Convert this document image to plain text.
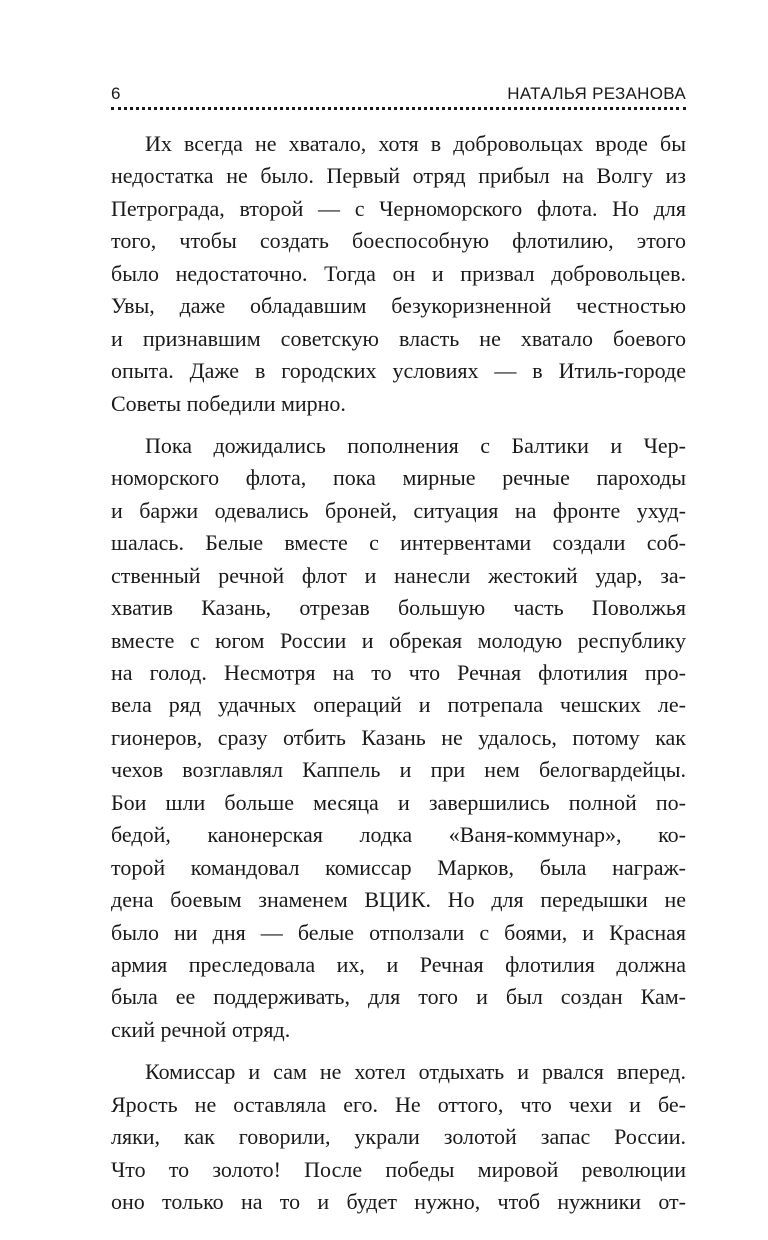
6	НАТАЛЬЯ РЕЗАНОВА
Их всегда не хватало, хотя в добровольцах вроде бы
недостатка не было. Первый отряд прибыл на Волгу из
Петрограда, второй — с Черноморского флота. Но для
того, чтобы создать боеспособную флотилию, этого
было недостаточно. Тогда он и призвал добровольцев.
Увы, даже обладавшим безукоризненной честностью
и признавшим советскую власть не хватало боевого
опыта. Даже в городских условиях — в Итиль-городе
Советы победили мирно.
Пока дожидались пополнения с Балтики и Чер-
номорского флота, пока мирные речные пароходы
и баржи одевались броней, ситуация на фронте ухуд-
шалась. Белые вместе с интервентами создали соб-
ственный речной флот и нанесли жестокий удар, за-
хватив Казань, отрезав большую часть Поволжья
вместе с югом России и обрекая молодую республику
на голод. Несмотря на то что Речная флотилия про-
вела ряд удачных операций и потрепала чешских ле-
гионеров, сразу отбить Казань не удалось, потому как
чехов возглавлял Каппель и при нем белогвардейцы.
Бои шли больше месяца и завершились полной по-
бедой, канонерская лодка «Ваня-коммунар», ко-
торой командовал комиссар Марков, была награж-
дена боевым знаменем ВЦИК. Но для передышки не
было ни дня — белые отползали с боями, и Красная
армия преследовала их, и Речная флотилия должна
была ее поддерживать, для того и был создан Кам-
ский речной отряд.
Комиссар и сам не хотел отдыхать и рвался вперед.
Ярость не оставляла его. Не оттого, что чехи и бе-
ляки, как говорили, украли золотой запас России.
Что то золото! После победы мировой революции
оно только на то и будет нужно, чтоб нужники от-
